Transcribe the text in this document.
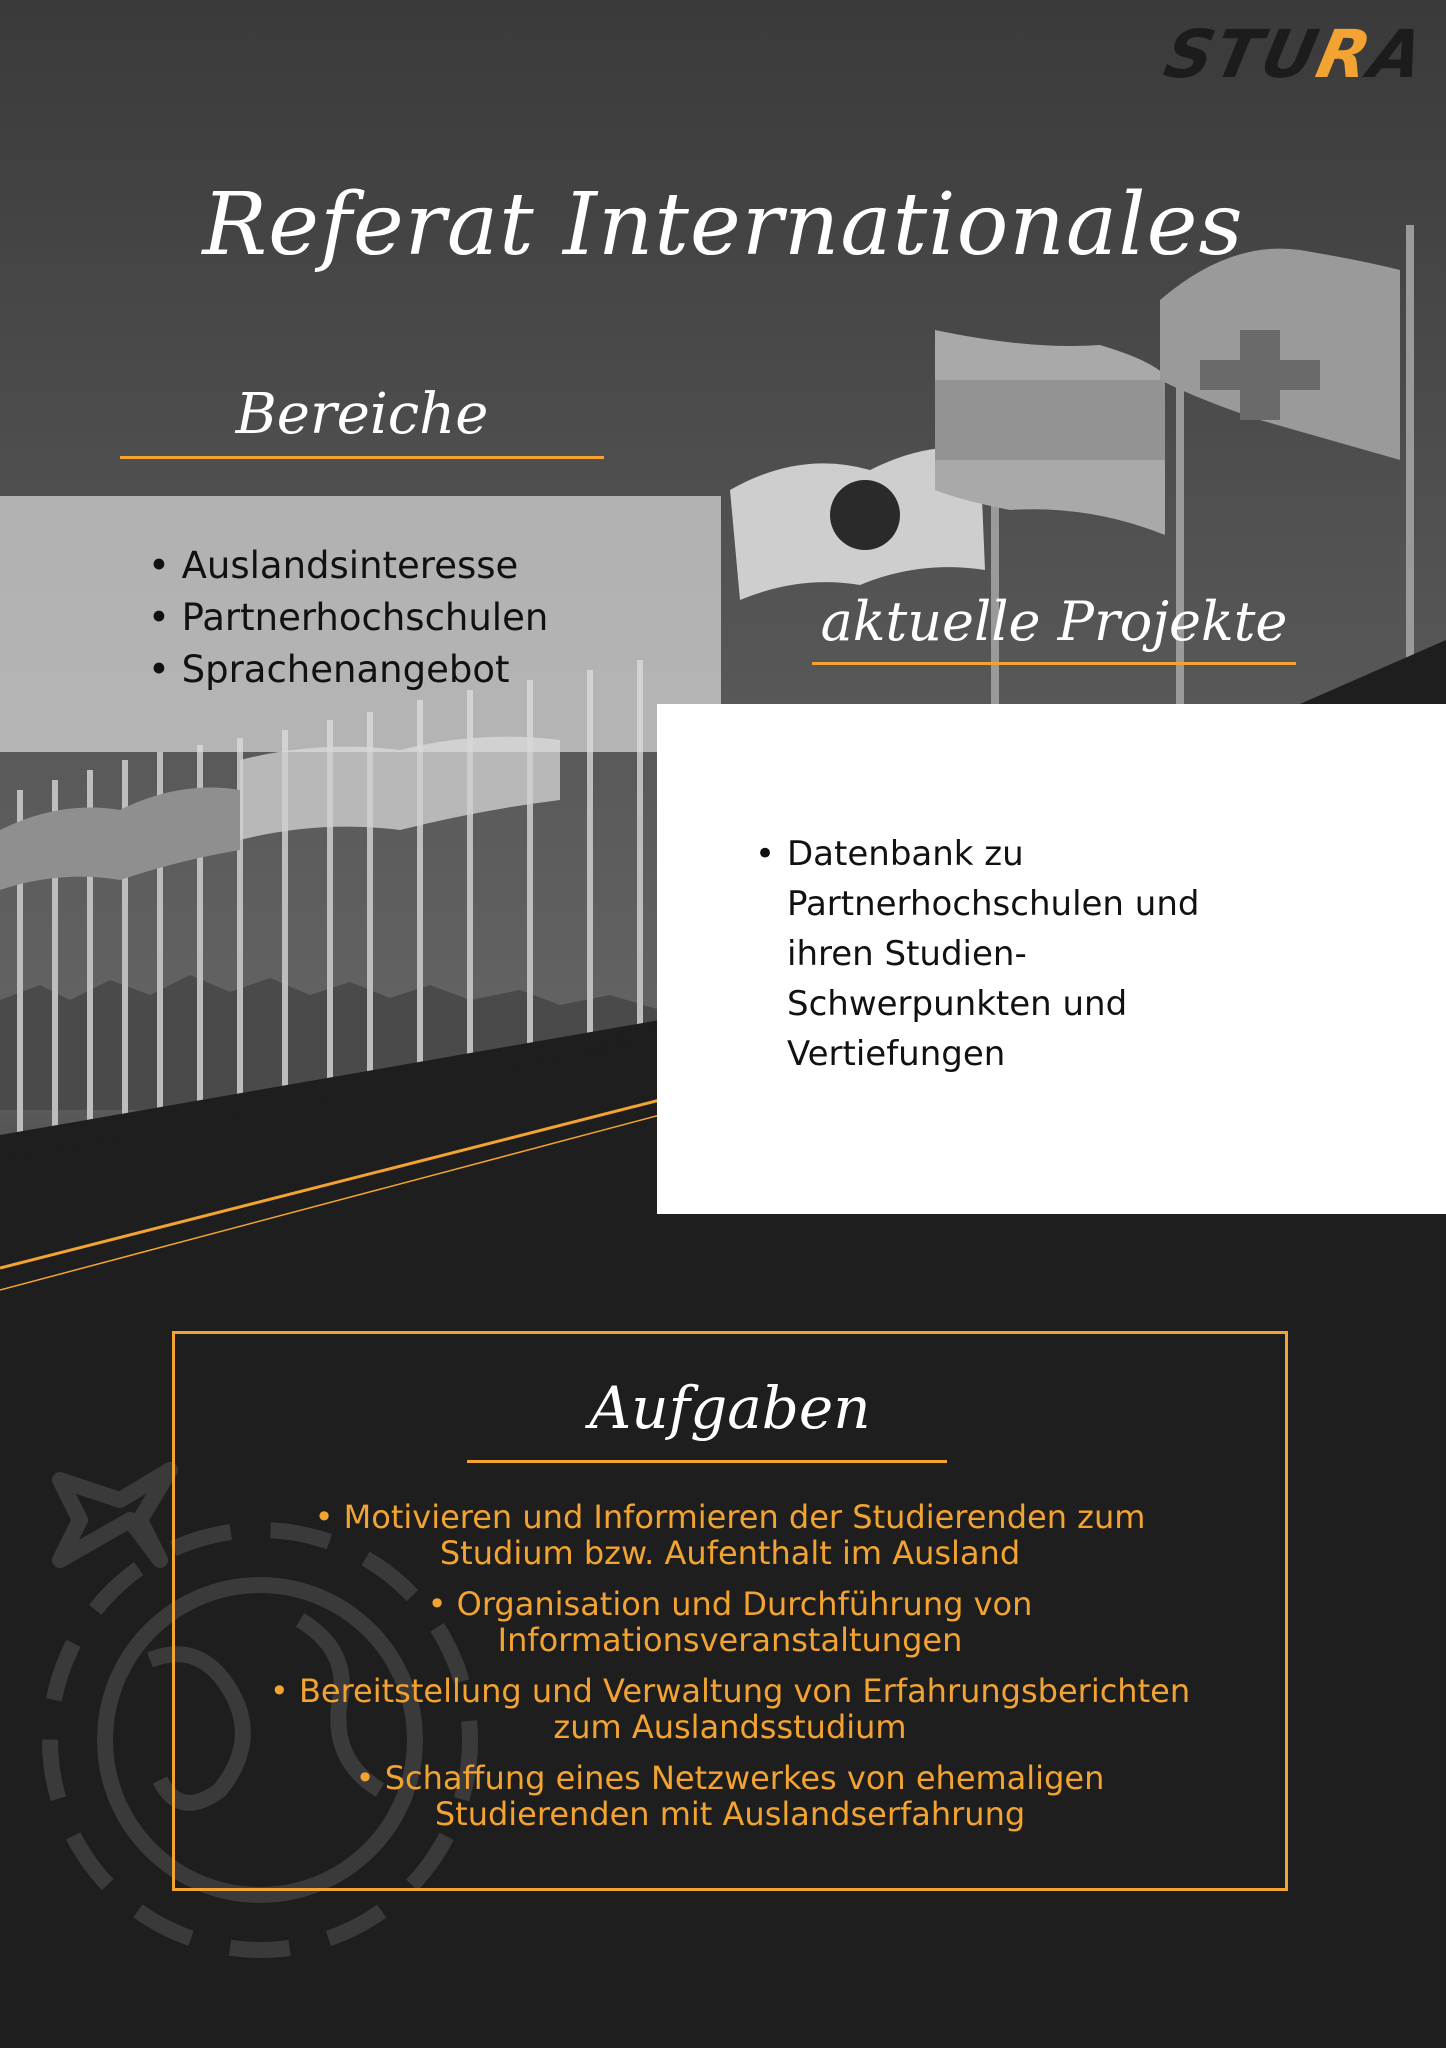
STURA
Referat Internationales
Bereiche
• Auslandsinteresse
• Partnerhochschulen
• Sprachenangebot
aktuelle Projekte
• Datenbank zu
Partnerhochschulen und
ihren Studien-
Schwerpunkten und
Vertiefungen
Aufgaben
• Motivieren und Informieren der Studierenden zum
Studium bzw. Aufenthalt im Ausland
• Organisation und Durchführung von
Informationsveranstaltungen
• Bereitstellung und Verwaltung von Erfahrungsberichten
zum Auslandsstudium
• Schaffung eines Netzwerkes von ehemaligen
Studierenden mit Auslandserfahrung
